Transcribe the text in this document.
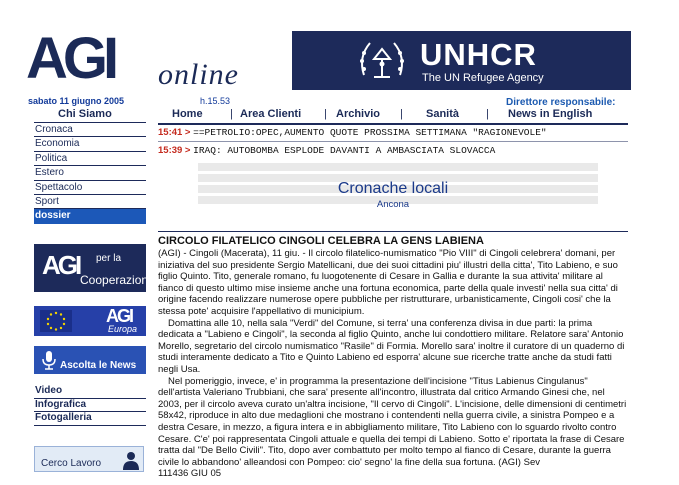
AGI online
UNHCR
The UN Refugee Agency
sabato 11 giugno 2005	h.15.53	Direttore responsabile:
Home | Area Clienti | Archivio | Sanità | News in English
Chi Siamo
Cronaca
Economia
Politica
Estero
Spettacolo
Sport
dossier
AGI per la
Cooperazione
AGI
Europa
Ascolta le News
Video
Infografica
Fotogalleria
Cerco Lavoro
15:41 > ==PETROLIO:OPEC,AUMENTO QUOTE PROSSIMA SETTIMANA "RAGIONEVOLE"
15:39 > IRAQ: AUTOBOMBA ESPLODE DAVANTI A AMBASCIATA SLOVACCA
Cronache locali
Ancona
CIRCOLO FILATELICO CINGOLI CELEBRA LA GENS LABIENA

(AGI) - Cingoli (Macerata), 11 giu. - Il circolo filatelico-numismatico "Pio VIII" di Cingoli celebrera' domani, per iniziativa del suo presidente Sergio Matellicani, due dei suoi cittadini piu' illustri della citta', Tito Labieno, e suo figlio Quinto. Tito, generale romano, fu luogotenente di Cesare in Gallia e durante la sua attivita' militare al fianco di questo ultimo mise insieme anche una fortuna economica, parte della quale investi' nella sua citta' di origine facendo realizzare numerose opere pubbliche per ristrutturare, urbanisticamente, Cingoli cosi' che la stessa pote' acquisire l'appellativo di municipium.

Domattina alle 10, nella sala "Verdi" del Comune, si terra' una conferenza divisa in due parti: la prima dedicata a "Labieno e Cingoli", la seconda al figlio Quinto, anche lui condottiero militare. Relatore sara' Antonio Morello, segretario del circolo numismatico "Rasile" di Formia. Morello sara' inoltre il curatore di un quaderno di studi interamente dedicato a Tito e Quinto Labieno ed esporra' alcune sue ricerche tratte anche da studi fatti negli Usa.

Nel pomeriggio, invece, e' in programma la presentazione dell'incisione "Titus Labienus Cingulanus" dell'artista Valeriano Trubbiani, che sara' presente all'incontro, illustrata dal critico Armando Ginesi che, nel 2003, per il circolo aveva curato un'altra incisione, "Il cervo di Cingoli". L'incisione, delle dimensioni di centimetri 58x42, riproduce in alto due medaglioni che mostrano i contendenti nella guerra civile, a sinistra Pompeo e a destra Cesare, in mezzo, a figura intera e in abbigliamento militare, Tito Labieno con lo sguardo rivolto contro Cesare. C'e' poi rappresentata Cingoli attuale e quella dei tempi di Labieno. Sotto e' riportata la frase di Cesare tratta dal "De Bello Civili". Tito, dopo aver combattuto per molto tempo al fianco di Cesare, durante la guerra civile lo abbandono' alleandosi con Pompeo: cio' segno' la fine della sua fortuna. (AGI) Sev

111436 GIU 05
